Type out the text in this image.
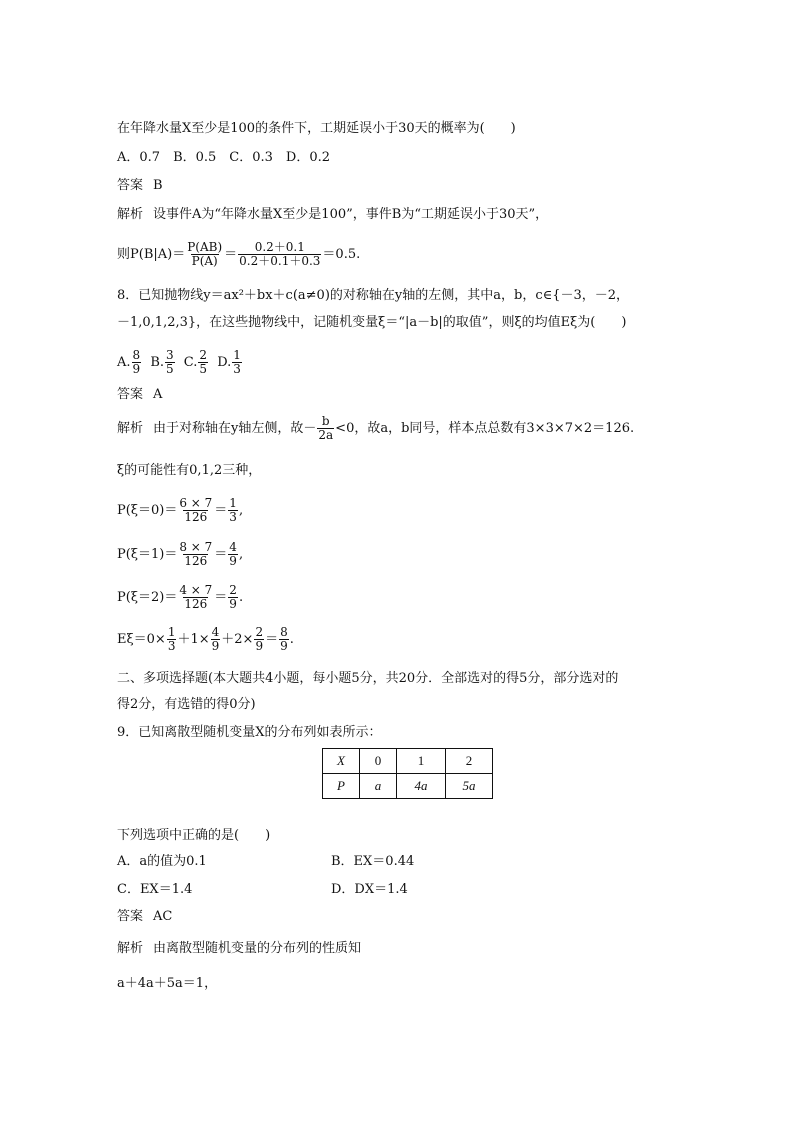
在年降水量X至少是100的条件下，工期延误小于30天的概率为(　　)
A．0.7　B．0.5　C．0.3　D．0.2
答案 B
解析 设事件A为“年降水量X至少是100”，事件B为“工期延误小于30天”，
则$P(B|A)= \frac{P(AB)}{P(A)} = \frac{0.2+0.1}{0.2+0.1+0.3} =0.5$.
8．已知抛物线y＝ax²＋bx＋c(a≠0)的对称轴在y轴的左侧，其中a，b，c∈{－3，－2，
－1,0,1,2,3}，在这些抛物线中，记随机变量ξ＝“|a－b|的取值”，则ξ的均值Eξ为(　　)
A. $\frac{8}{9} B$. $\frac{3}{5} C$. $\frac{2}{5} D$. $\frac{1}{3}$
答案 A
解析 由于对称轴在y轴左侧，故－ $\frac{b}{2a} <0$，故a，b同号，样本点总数有3×3×7×2＝126.
ξ的可能性有0,1,2三种，
$P(\xi=0)= \frac{6 \times 7}{126} = \frac{1}{3}$ ,
$P(\xi=1)= \frac{8 \times 7}{126} = \frac{4}{9}$ ,
$P(\xi=2)= \frac{4 \times 7}{126} = \frac{2}{9}$ .
$E\xi=0\times \frac{1}{3} +1\times \frac{4}{9} +2\times \frac{2}{9} = \frac{8}{9}$ .
二、多项选择题(本大题共4小题，每小题5分，共20分．全部选对的得5分，部分选对的
得2分，有选错的得0分)
9．已知离散型随机变量X的分布列如表所示：
X	0	1	2
P	a	4a	5a
下列选项中正确的是(　　)
A．a的值为0.1	B．EX＝0.44
C．EX＝1.4	D．DX＝1.4
答案 AC
解析 由离散型随机变量的分布列的性质知
a＋4a＋5a＝1，
